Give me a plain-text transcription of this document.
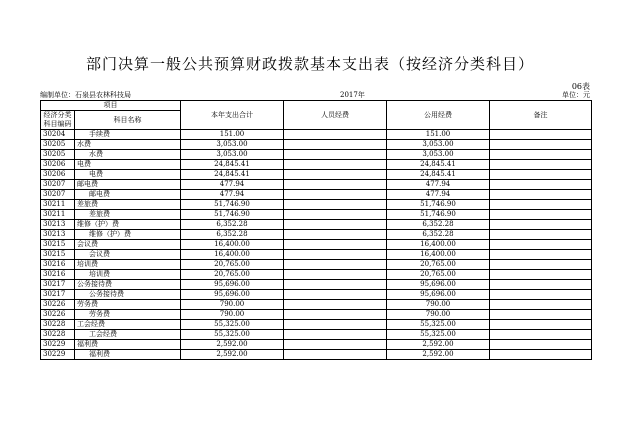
部门决算一般公共预算财政拨款基本支出表（按经济分类科目）
06表
编制单位：石泉县农林科技局	2017年	单位：元
项目		本年支出合计	人员经费	公用经费	备注
经济分类科目编码	科目名称				
30204	手续费	151.00		151.00	
30205	水费	3,053.00		3,053.00	
30205	水费	3,053.00		3,053.00	
30206	电费	24,845.41		24,845.41	
30206	电费	24,845.41		24,845.41	
30207	邮电费	477.94		477.94	
30207	邮电费	477.94		477.94	
30211	差旅费	51,746.90		51,746.90	
30211	差旅费	51,746.90		51,746.90	
30213	维修（护）费	6,352.28		6,352.28	
30213	维修（护）费	6,352.28		6,352.28	
30215	会议费	16,400.00		16,400.00	
30215	会议费	16,400.00		16,400.00	
30216	培训费	20,765.00		20,765.00	
30216	培训费	20,765.00		20,765.00	
30217	公务接待费	95,696.00		95,696.00	
30217	公务接待费	95,696.00		95,696.00	
30226	劳务费	790.00		790.00	
30226	劳务费	790.00		790.00	
30228	工会经费	55,325.00		55,325.00	
30228	工会经费	55,325.00		55,325.00	
30229	福利费	2,592.00		2,592.00	
30229	福利费	2,592.00		2,592.00	
